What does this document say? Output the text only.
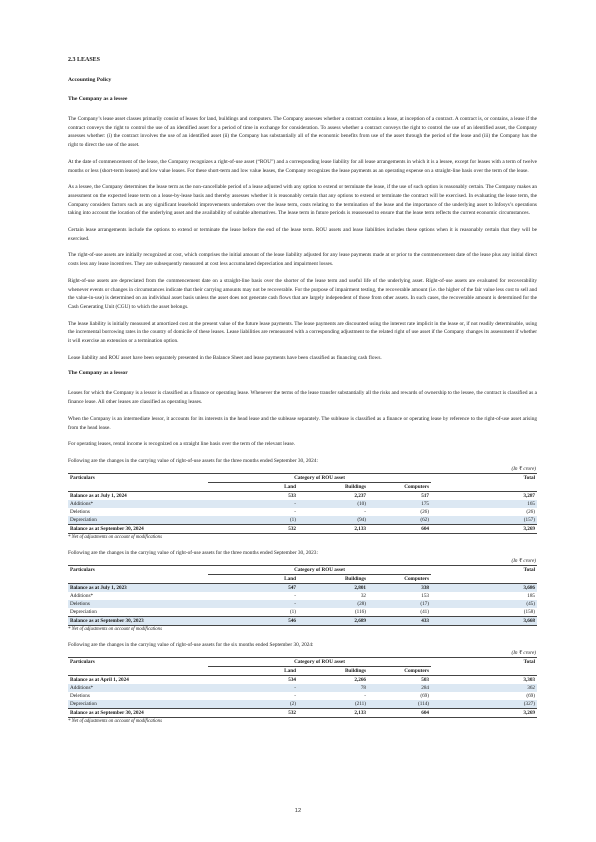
2.3 LEASES
Accounting Policy
The Company as a lessee
The Company’s lease asset classes primarily consist of leases for land, buildings and computers. The Company assesses whether a contract contains a lease, at inception of a contract. A contract is, or contains, a lease if the contract conveys the right to control the use of an identified asset for a period of time in exchange for consideration. To assess whether a contract conveys the right to control the use of an identified asset, the Company assesses whether: (i) the contract involves the use of an identified asset (ii) the Company has substantially all of the economic benefits from use of the asset through the period of the lease and (iii) the Company has the right to direct the use of the asset.
At the date of commencement of the lease, the Company recognizes a right-of-use asset (“ROU”) and a corresponding lease liability for all lease arrangements in which it is a lessee, except for leases with a term of twelve months or less (short-term leases) and low value leases. For these short-term and low value leases, the Company recognizes the lease payments as an operating expense on a straight-line basis over the term of the lease.
As a lessee, the Company determines the lease term as the non-cancellable period of a lease adjusted with any option to extend or terminate the lease, if the use of such option is reasonably certain. The Company makes an assessment on the expected lease term on a lease-by-lease basis and thereby assesses whether it is reasonably certain that any options to extend or terminate the contract will be exercised. In evaluating the lease term, the Company considers factors such as any significant leasehold improvements undertaken over the lease term, costs relating to the termination of the lease and the importance of the underlying asset to Infosys’s operations taking into account the location of the underlying asset and the availability of suitable alternatives. The lease term in future periods is reassessed to ensure that the lease term reflects the current economic circumstances.
Certain lease arrangements include the options to extend or terminate the lease before the end of the lease term. ROU assets and lease liabilities includes these options when it is reasonably certain that they will be exercised.
The right-of-use assets are initially recognized at cost, which comprises the initial amount of the lease liability adjusted for any lease payments made at or prior to the commencement date of the lease plus any initial direct costs less any lease incentives. They are subsequently measured at cost less accumulated depreciation and impairment losses.
Right-of-use assets are depreciated from the commencement date on a straight-line basis over the shorter of the lease term and useful life of the underlying asset. Right-of-use assets are evaluated for recoverability whenever events or changes in circumstances indicate that their carrying amounts may not be recoverable. For the purpose of impairment testing, the recoverable amount (i.e. the higher of the fair value less cost to sell and the value-in-use) is determined on an individual asset basis unless the asset does not generate cash flows that are largely independent of those from other assets. In such cases, the recoverable amount is determined for the Cash Generating Unit (CGU) to which the asset belongs.
The lease liability is initially measured at amortized cost at the present value of the future lease payments. The lease payments are discounted using the interest rate implicit in the lease or, if not readily determinable, using the incremental borrowing rates in the country of domicile of these leases. Lease liabilities are remeasured with a corresponding adjustment to the related right of use asset if the Company changes its assessment if whether it will exercise an extension or a termination option.
Lease liability and ROU asset have been separately presented in the Balance Sheet and lease payments have been classified as financing cash flows.
The Company as a lessor
Leases for which the Company is a lessor is classified as a finance or operating lease. Whenever the terms of the lease transfer substantially all the risks and rewards of ownership to the lessee, the contract is classified as a finance lease. All other leases are classified as operating leases.
When the Company is an intermediate lessor, it accounts for its interests in the head lease and the sublease separately. The sublease is classified as a finance or operating lease by reference to the right-of-use asset arising from the head lease.
For operating leases, rental income is recognized on a straight line basis over the term of the relevant lease.
Following are the changes in the carrying value of right-of-use assets for the three months ended September 30, 2024:
(In ₹ crore)
Particulars	Category of ROU asset				Total
	Land	Buildings	Computers		
Balance as at July 1, 2024	533	2,237	517		3,287
Additions*	-	(10)	175		165
Deletions	-	-	(26)		(26)
Depreciation	(1)	(94)	(62)		(157)
Balance as at September 30, 2024	532	2,133	604		3,269
* Net of adjustments on account of modifications
Following are the changes in the carrying value of right-of-use assets for the three months ended September 30, 2023:
(In ₹ crore)
Particulars	Category of ROU asset				Total
	Land	Buildings	Computers		
Balance as at July 1, 2023	547	2,801	338		3,686
Additions*	-	32	153		185
Deletions	-	(28)	(17)		(45)
Depreciation	(1)	(116)	(41)		(158)
Balance as at September 30, 2023	546	2,689	433		3,668
* Net of adjustments on account of modifications
Following are the changes in the carrying value of right-of-use assets for the six months ended September 30, 2024:
(In ₹ crore)
Particulars	Category of ROU asset				Total
	Land	Buildings	Computers		
Balance as at April 1, 2024	534	2,266	503		3,303
Additions*	-	78	284		362
Deletions	-	-	(69)		(69)
Depreciation	(2)	(211)	(114)		(327)
Balance as at September 30, 2024	532	2,133	604		3,269
* Net of adjustments on account of modifications
12
